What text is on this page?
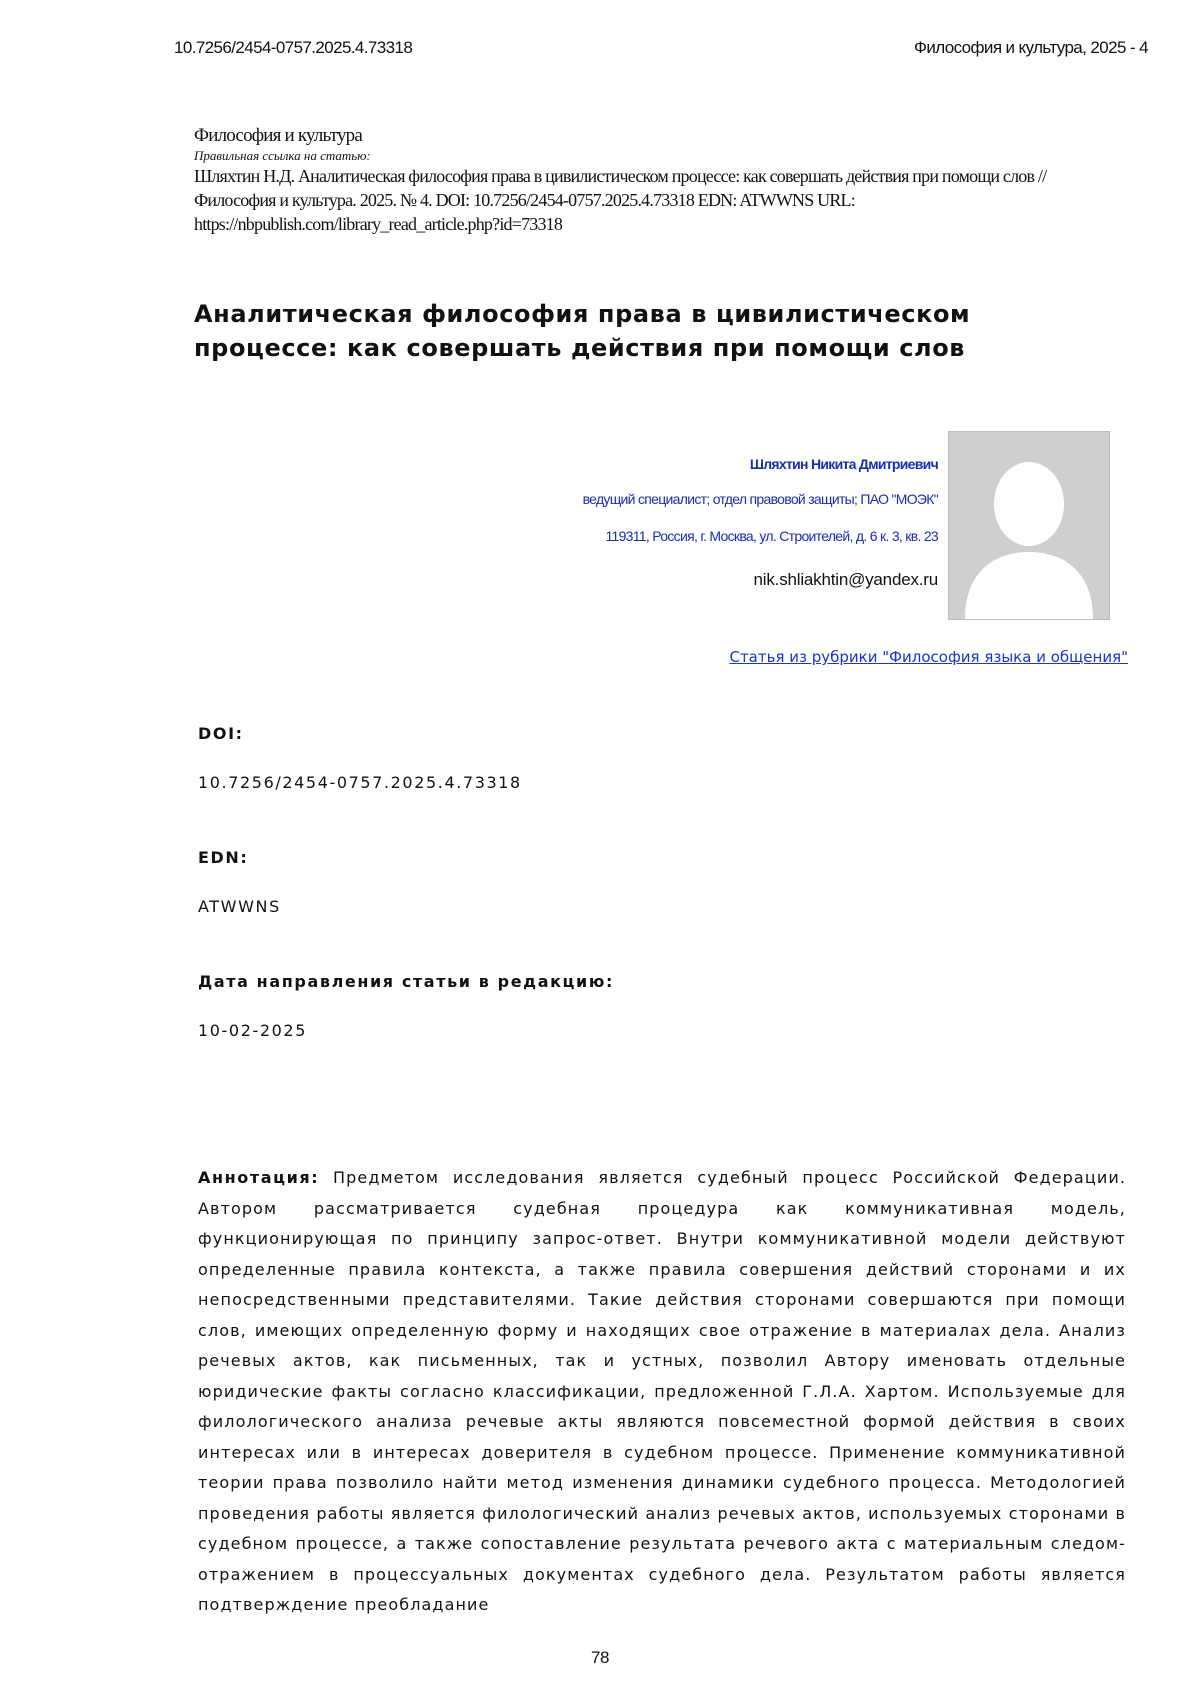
10.7256/2454-0757.2025.4.73318	Философия и культура, 2025 - 4
Философия и культура
Правильная ссылка на статью:
Шляхтин Н.Д. Аналитическая философия права в цивилистическом процессе: как совершать действия при помощи слов // Философия и культура. 2025. № 4. DOI: 10.7256/2454-0757.2025.4.73318 EDN: ATWWNS URL: https://nbpublish.com/library_read_article.php?id=73318
Аналитическая философия права в цивилистическом процессе: как совершать действия при помощи слов
Шляхтин Никита Дмитриевич
ведущий специалист; отдел правовой защиты; ПАО "МОЭК"
119311, Россия, г. Москва, ул. Строителей, д. 6 к. 3, кв. 23
nik.shliakhtin@yandex.ru
Статья из рубрики "Философия языка и общения"
DOI:
10.7256/2454-0757.2025.4.73318
EDN:
ATWWNS
Дата направления статьи в редакцию:
10-02-2025

Аннотация: Предметом исследования является судебный процесс Российской Федерации. Автором рассматривается судебная процедура как коммуникативная модель, функционирующая по принципу запрос-ответ. Внутри коммуникативной модели действуют определенные правила контекста, а также правила совершения действий сторонами и их непосредственными представителями. Такие действия сторонами совершаются при помощи слов, имеющих определенную форму и находящих свое отражение в материалах дела. Анализ речевых актов, как письменных, так и устных, позволил Автору именовать отдельные юридические факты согласно классификации, предложенной Г.Л.А. Хартом. Используемые для филологического анализа речевые акты являются повсеместной формой действия в своих интересах или в интересах доверителя в судебном процессе. Применение коммуникативной теории права позволило найти метод изменения динамики судебного процесса. Методологией проведения работы является филологический анализ речевых актов, используемых сторонами в судебном процессе, а также сопоставление результата речевого акта с материальным следом-отражением в процессуальных документах судебного дела. Результатом работы является подтверждение преобладание

78
